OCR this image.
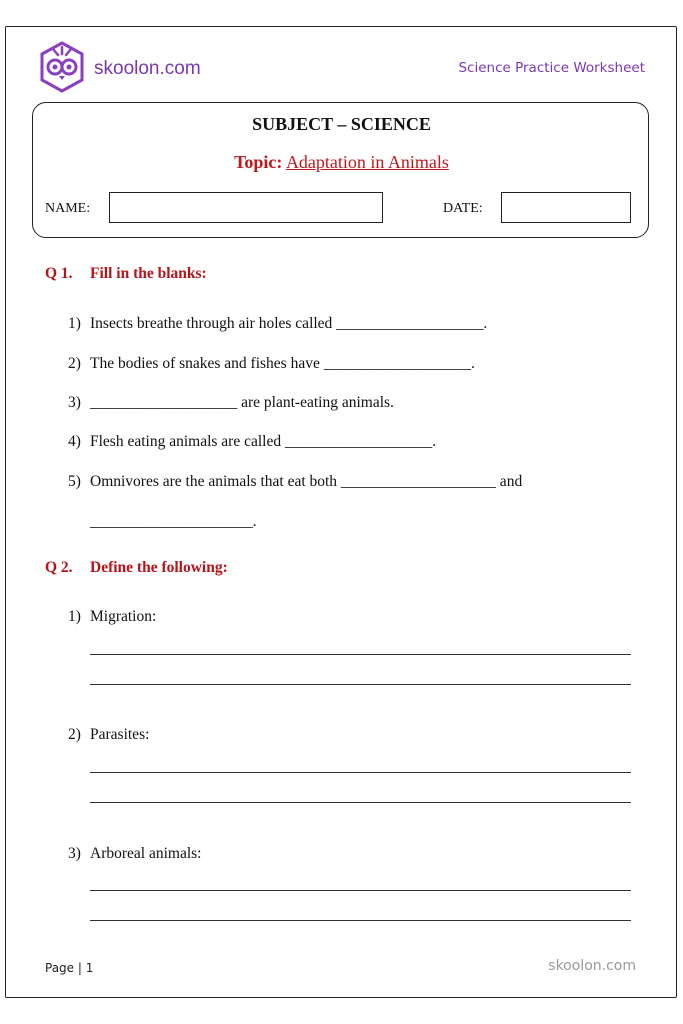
skoolon.com	Science Practice Worksheet
SUBJECT – SCIENCE
Topic: Adaptation in Animals
NAME:	DATE:
Q 1. Fill in the blanks:
1) Insects breathe through air holes called ___________________.
2) The bodies of snakes and fishes have ___________________.
3) ___________________ are plant-eating animals.
4) Flesh eating animals are called ___________________.
5) Omnivores are the animals that eat both ____________________ and
_____________________.
Q 2. Define the following:
1) Migration:
2) Parasites:
3) Arboreal animals:
Page | 1	skoolon.com
